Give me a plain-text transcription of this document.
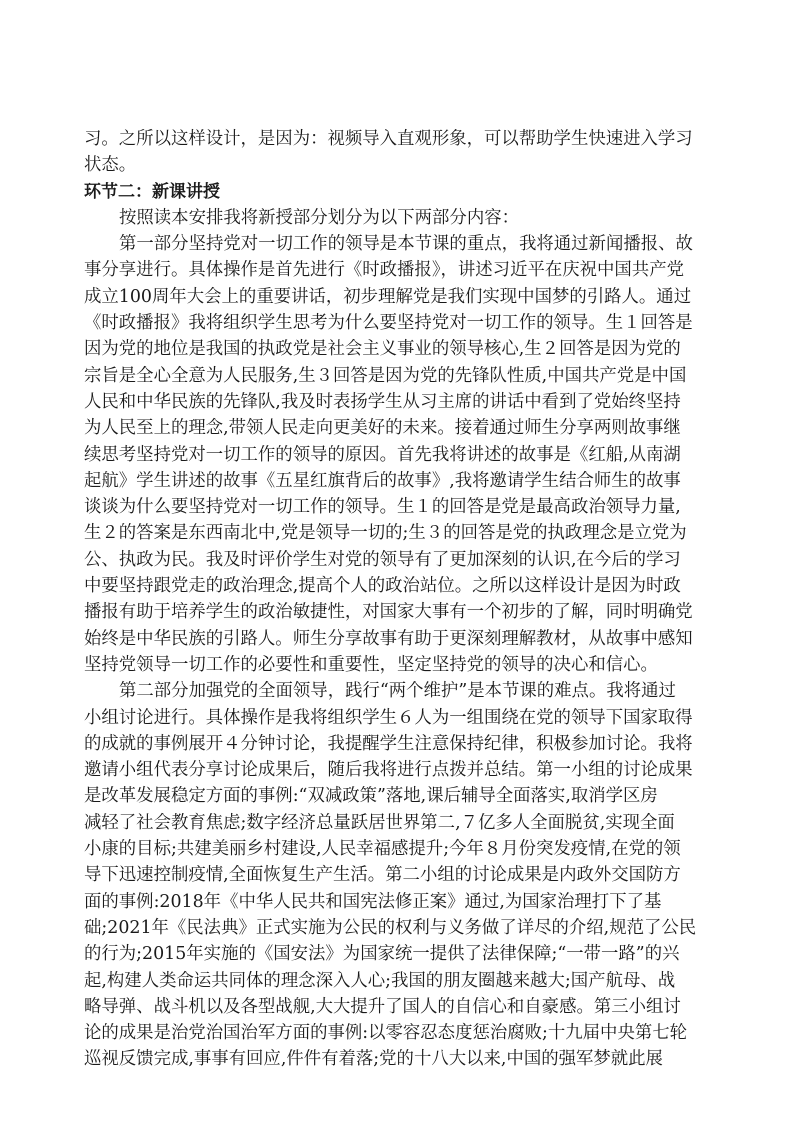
习。之所以这样设计，是因为：视频导入直观形象，可以帮助学生快速进入学习
状态。
环节二：新课讲授
按照读本安排我将新授部分划分为以下两部分内容：
第一部分坚持党对一切工作的领导是本节课的重点，我将通过新闻播报、故
事分享进行。具体操作是首先进行《时政播报》，讲述习近平在庆祝中国共产党
成立100周年大会上的重要讲话，初步理解党是我们实现中国梦的引路人。通过
《时政播报》我将组织学生思考为什么要坚持党对一切工作的领导。生１回答是
因为党的地位是我国的执政党是社会主义事业的领导核心,生２回答是因为党的
宗旨是全心全意为人民服务,生３回答是因为党的先锋队性质,中国共产党是中国
人民和中华民族的先锋队,我及时表扬学生从习主席的讲话中看到了党始终坚持
为人民至上的理念,带领人民走向更美好的未来。接着通过师生分享两则故事继
续思考坚持党对一切工作的领导的原因。首先我将讲述的故事是《红船,从南湖
起航》学生讲述的故事《五星红旗背后的故事》,我将邀请学生结合师生的故事
谈谈为什么要坚持党对一切工作的领导。生１的回答是党是最高政治领导力量,
生２的答案是东西南北中,党是领导一切的;生３的回答是党的执政理念是立党为
公、执政为民。我及时评价学生对党的领导有了更加深刻的认识,在今后的学习
中要坚持跟党走的政治理念,提高个人的政治站位。之所以这样设计是因为时政
播报有助于培养学生的政治敏捷性，对国家大事有一个初步的了解，同时明确党
始终是中华民族的引路人。师生分享故事有助于更深刻理解教材，从故事中感知
坚持党领导一切工作的必要性和重要性，坚定坚持党的领导的决心和信心。
第二部分加强党的全面领导，践行“两个维护”是本节课的难点。我将通过
小组讨论进行。具体操作是我将组织学生６人为一组围绕在党的领导下国家取得
的成就的事例展开４分钟讨论，我提醒学生注意保持纪律，积极参加讨论。我将
邀请小组代表分享讨论成果后，随后我将进行点拨并总结。第一小组的讨论成果
是改革发展稳定方面的事例:“双减政策”落地,课后辅导全面落实,取消学区房
减轻了社会教育焦虑;数字经济总量跃居世界第二,７亿多人全面脱贫,实现全面
小康的目标;共建美丽乡村建设,人民幸福感提升;今年８月份突发疫情,在党的领
导下迅速控制疫情,全面恢复生产生活。第二小组的讨论成果是内政外交国防方
面的事例:2018年《中华人民共和国宪法修正案》通过,为国家治理打下了基
础;2021年《民法典》正式实施为公民的权利与义务做了详尽的介绍,规范了公民
的行为;2015年实施的《国安法》为国家统一提供了法律保障;“一带一路”的兴
起,构建人类命运共同体的理念深入人心;我国的朋友圈越来越大;国产航母、战
略导弹、战斗机以及各型战舰,大大提升了国人的自信心和自豪感。第三小组讨
论的成果是治党治国治军方面的事例:以零容忍态度惩治腐败;十九届中央第七轮
巡视反馈完成,事事有回应,件件有着落;党的十八大以来,中国的强军梦就此展
